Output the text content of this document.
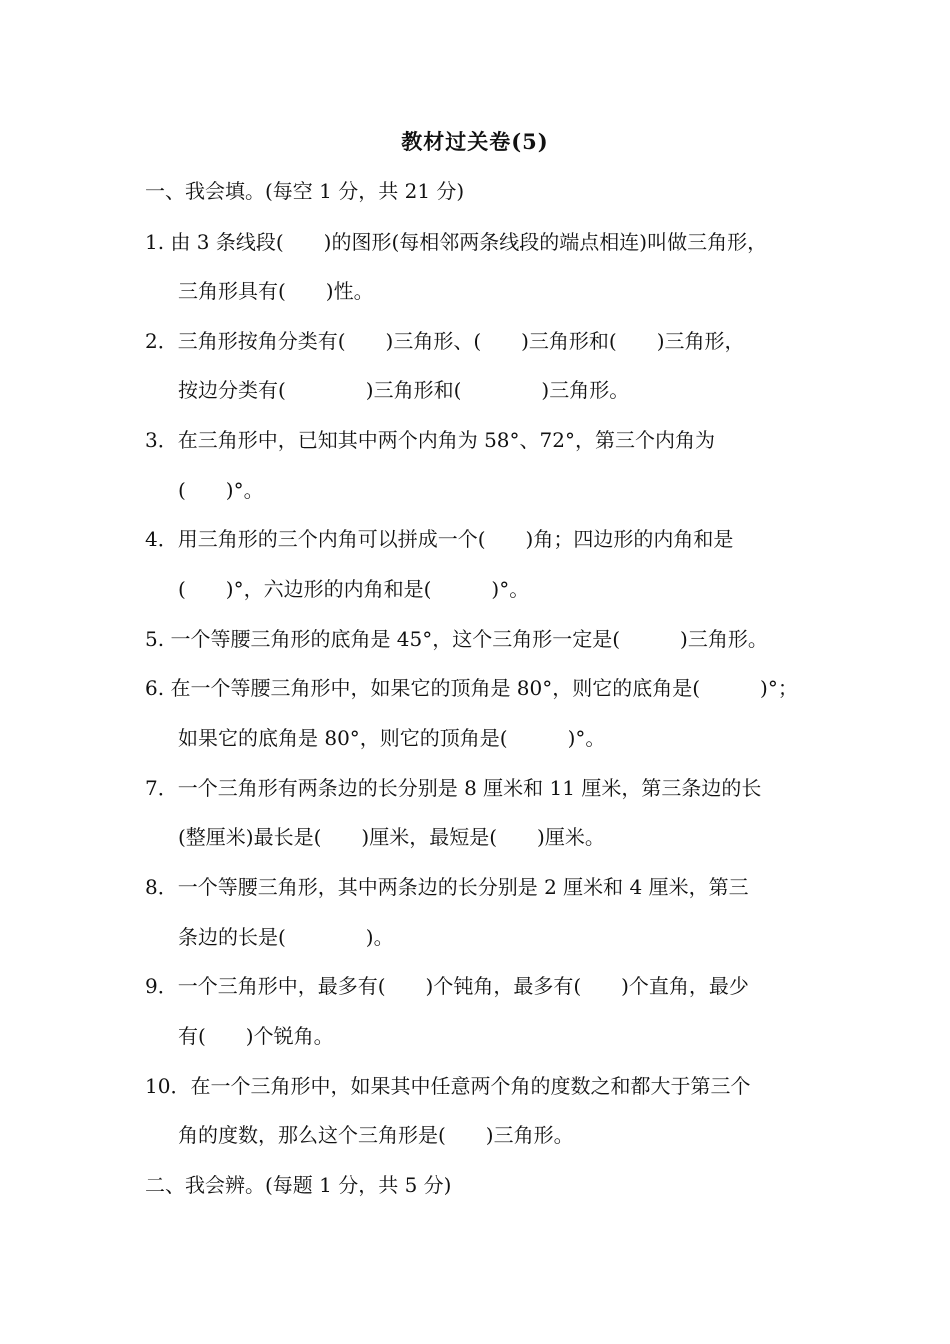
教材过关卷(5)
一、我会填。(每空 1 分，共 21 分)
1. 由 3 条线段(　　)的图形(每相邻两条线段的端点相连)叫做三角形，
三角形具有(　　)性。
2．三角形按角分类有(　　)三角形、(　　)三角形和(　　)三角形，
按边分类有(　　　　)三角形和(　　　　)三角形。
3．在三角形中，已知其中两个内角为 58°、72°，第三个内角为
(　　)°。
4．用三角形的三个内角可以拼成一个(　　)角；四边形的内角和是
(　　)°，六边形的内角和是(　　　)°。
5. 一个等腰三角形的底角是 45°，这个三角形一定是(　　　)三角形。
6. 在一个等腰三角形中，如果它的顶角是 80°，则它的底角是(　　　)°；
如果它的底角是 80°，则它的顶角是(　　　)°。
7．一个三角形有两条边的长分别是 8 厘米和 11 厘米，第三条边的长
(整厘米)最长是(　　)厘米，最短是(　　)厘米。
8．一个等腰三角形，其中两条边的长分别是 2 厘米和 4 厘米，第三
条边的长是(　　　　)。
9．一个三角形中，最多有(　　)个钝角，最多有(　　)个直角，最少
有(　　)个锐角。
10．在一个三角形中，如果其中任意两个角的度数之和都大于第三个
角的度数，那么这个三角形是(　　)三角形。
二、我会辨。(每题 1 分，共 5 分)
